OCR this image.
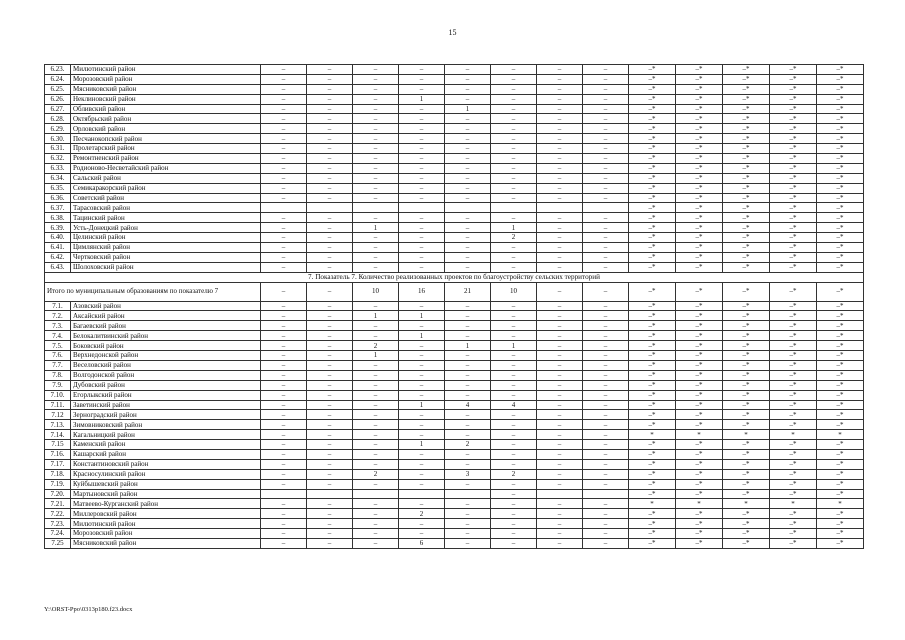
15
6.23.	Милютинский район	–	–	–	–	–	–	–	–	–*	–*	–*	–*	–*
6.24.	Морозовский район	–	–	–	–	–	–	–	–	–*	–*	–*	–*	–*
6.25.	Мясниковский район	–	–	–	–	–	–	–	–	–*	–*	–*	–*	–*
6.26.	Неклиновский район	–	–	–	1	–	–	–	–	–*	–*	–*	–*	–*
6.27.	Обливский район	–	–	–	–	1	–	–	–	–*	–*	–*	–*	–*
6.28.	Октябрьский район	–	–	–	–	–	–	–	–	–*	–*	–*	–*	–*
6.29.	Орловский район	–	–	–	–	–	–	–	–	–*	–*	–*	–*	–*
6.30.	Песчанокопский район	–	–	–	–	–	–	–	–	–*	–*	–*	–*	–*
6.31.	Пролетарский район	–	–	–	–	–	–	–	–	–*	–*	–*	–*	–*
6.32.	Ремонтненский район	–	–	–	–	–	–	–	–	–*	–*	–*	–*	–*
6.33.	Родионово-Несветайский район	–	–	–	–	–	–	–	–	–*	–*	–*	–*	–*
6.34.	Сальский район	–	–	–	–	–	–	–	–	–*	–*	–*	–*	–*
6.35.	Семикаракорский район	–	–	–	–	–	–	–	–	–*	–*	–*	–*	–*
6.36.	Советский район	–	–	–	–	–	–	–	–	–*	–*	–*	–*	–*
6.37.	Тарасовский район									–*	–*	–*	–*	–*
6.38.	Тацинский район	–	–	–	–	–	–	–	–	–*	–*	–*	–*	–*
6.39.	Усть-Донецкий район	–	–	1	–	–	1	–	–	–*	–*	–*	–*	–*
6.40.	Целинский район	–	–	–	–	–	2	–	–	–*	–*	–*	–*	–*
6.41.	Цимлянский район	–	–	–	–	–	–	–	–	–*	–*	–*	–*	–*
6.42.	Чертковский район	–	–	–	–	–	–	–	–	–*	–*	–*	–*	–*
6.43.	Шолоховский район	–	–	–	–	–	–	–	–	–*	–*	–*	–*	–*
7. Показатель 7. Количество реализованных проектов по благоустройству сельских территорий														
Итого по муниципальным образованиям по показателю 7		–	–	10	16	21	10	–	–	–*	–*	–*	–*	–*
7.1.	Азовский район	–	–	–	–	–	–	–	–	–*	–*	–*	–*	–*
7.2.	Аксайский район	–	–	1	1	–	–	–	–	–*	–*	–*	–*	–*
7.3.	Багаевский район	–	–	–	–	–	–	–	–	–*	–*	–*	–*	–*
7.4.	Белокалитвинский район	–	–	–	1	–	–	–	–	–*	–*	–*	–*	–*
7.5.	Боковский район	–	–	2	–	1	1	–	–	–*	–*	–*	–*	–*
7.6.	Верхнедонской район	–	–	1	–	–	–	–	–	–*	–*	–*	–*	–*
7.7.	Веселовский район	–	–	–	–	–	–	–	–	–*	–*	–*	–*	–*
7.8.	Волгодонской район	–	–	–	–	–	–	–	–	–*	–*	–*	–*	–*
7.9.	Дубовский район	–	–	–	–	–	–	–	–	–*	–*	–*	–*	–*
7.10.	Егорлыкский район	–	–	–	–	–	–	–	–	–*	–*	–*	–*	–*
7.11.	Заветинский район	–	–	–	1	4	4	–	–	–*	–*	–*	–*	–*
7.12	Зерноградский район	–	–	–	–	–	–	–	–	–*	–*	–*	–*	–*
7.13.	Зимовниковский район	–	–	–	–	–	–	–	–	–*	–*	–*	–*	–*
7.14.	Кагальницкий район	–	–	–	–	–	–	–	–	*	*	*	*	*
7.15	Каменский район	–	–	–	1	2	–	–	–	–*	–*	–*	–*	–*
7.16.	Кашарский район	–	–	–	–	–	–	–	–	–*	–*	–*	–*	–*
7.17.	Константиновский район	–	–	–	–	–	–	–	–	–*	–*	–*	–*	–*
7.18.	Красносулинский район	–	–	2	–	3	2	–	–	–*	–*	–*	–*	–*
7.19.	Куйбышевский район	–	–	–	–	–	–	–	–	–*	–*	–*	–*	–*
7.20.	Мартыновский район						–			–*	–*	–*	–*	–*
7.21.	Матвеево-Курганский район	–	–	–	–	–	–	–	–	*	*	*	*	*
7.22.	Миллеровский район	–	–	–	2	–	–	–	–	–*	–*	–*	–*	–*
7.23.	Милютинский район	–	–	–	–	–	–	–	–	–*	–*	–*	–*	–*
7.24.	Морозовский район	–	–	–	–	–	–	–	–	–*	–*	–*	–*	–*
7.25	Мясниковский район	–	–	–	6	–	–	–	–	–*	–*	–*	–*	–*
Y:\ORST-Ppo\0313p180.f23.docx
